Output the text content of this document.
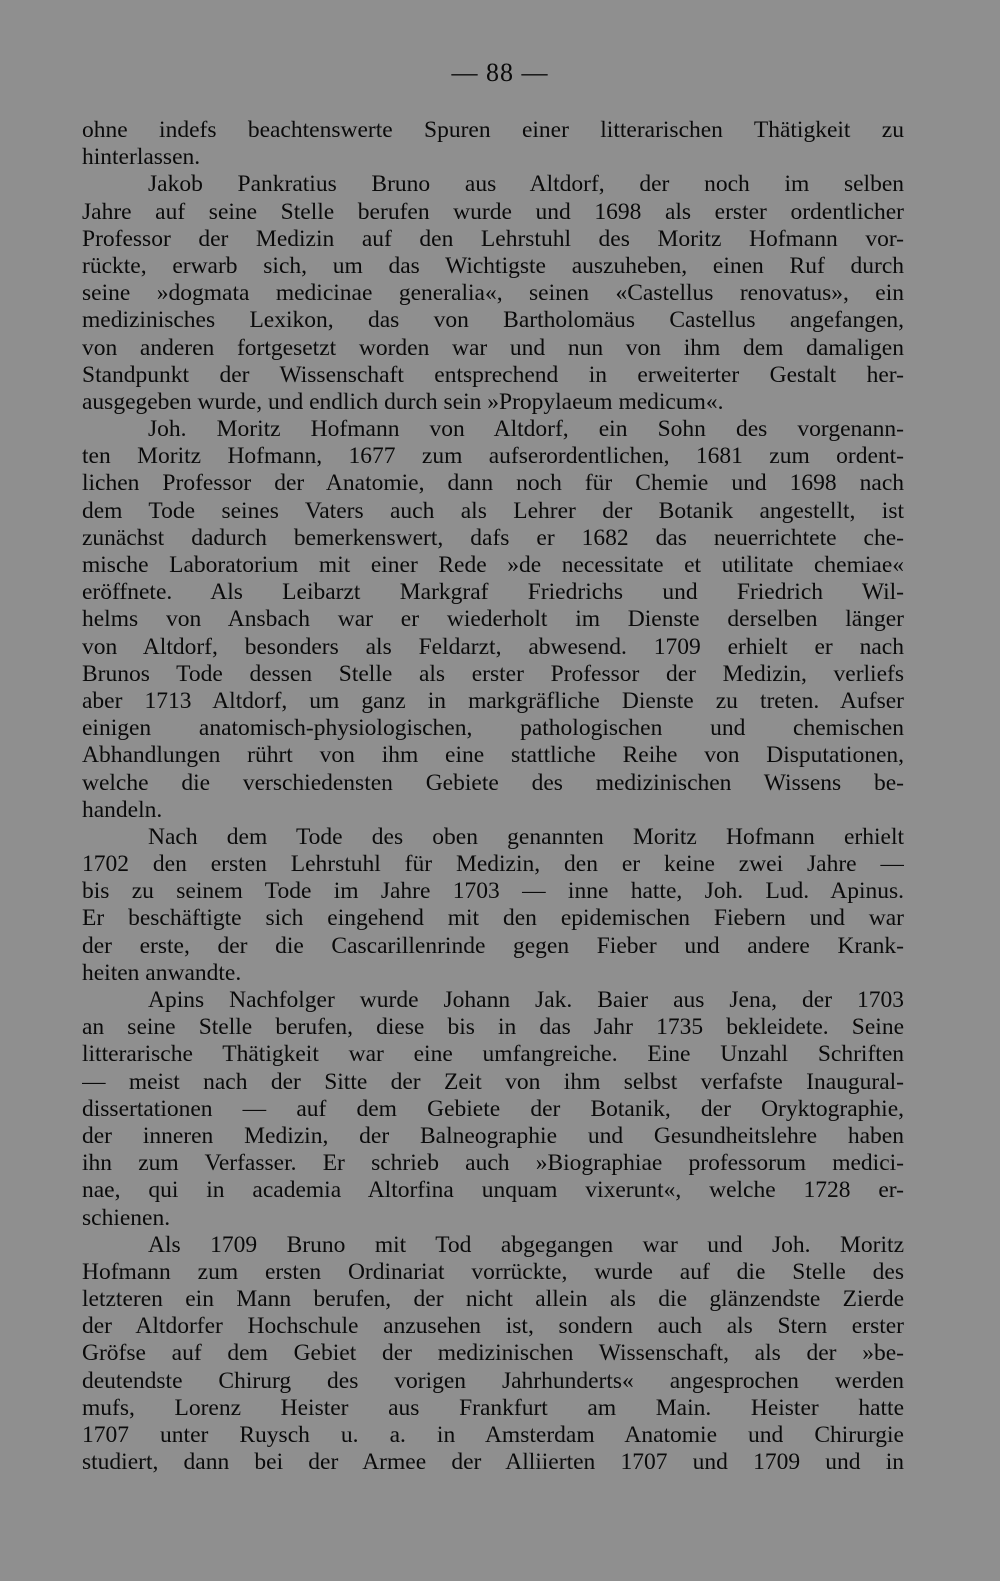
— 88 —
ohne indefs beachtenswerte Spuren einer litterarischen Thätigkeit zu
hinterlassen.
Jakob Pankratius Bruno aus Altdorf, der noch im selben
Jahre auf seine Stelle berufen wurde und 1698 als erster ordentlicher
Professor der Medizin auf den Lehrstuhl des Moritz Hofmann vor-
rückte, erwarb sich, um das Wichtigste auszuheben, einen Ruf durch
seine »dogmata medicinae generalia«, seinen «Castellus renovatus», ein
medizinisches Lexikon, das von Bartholomäus Castellus angefangen,
von anderen fortgesetzt worden war und nun von ihm dem damaligen
Standpunkt der Wissenschaft entsprechend in erweiterter Gestalt her-
ausgegeben wurde, und endlich durch sein »Propylaeum medicum«.
Joh. Moritz Hofmann von Altdorf, ein Sohn des vorgenann-
ten Moritz Hofmann, 1677 zum aufserordentlichen, 1681 zum ordent-
lichen Professor der Anatomie, dann noch für Chemie und 1698 nach
dem Tode seines Vaters auch als Lehrer der Botanik angestellt, ist
zunächst dadurch bemerkenswert, dafs er 1682 das neuerrichtete che-
mische Laboratorium mit einer Rede »de necessitate et utilitate chemiae«
eröffnete. Als Leibarzt Markgraf Friedrichs und Friedrich Wil-
helms von Ansbach war er wiederholt im Dienste derselben länger
von Altdorf, besonders als Feldarzt, abwesend. 1709 erhielt er nach
Brunos Tode dessen Stelle als erster Professor der Medizin, verliefs
aber 1713 Altdorf, um ganz in markgräfliche Dienste zu treten. Aufser
einigen anatomisch-physiologischen, pathologischen und chemischen
Abhandlungen rührt von ihm eine stattliche Reihe von Disputationen,
welche die verschiedensten Gebiete des medizinischen Wissens be-
handeln.
Nach dem Tode des oben genannten Moritz Hofmann erhielt
1702 den ersten Lehrstuhl für Medizin, den er keine zwei Jahre —
bis zu seinem Tode im Jahre 1703 — inne hatte, Joh. Lud. Apinus.
Er beschäftigte sich eingehend mit den epidemischen Fiebern und war
der erste, der die Cascarillenrinde gegen Fieber und andere Krank-
heiten anwandte.
Apins Nachfolger wurde Johann Jak. Baier aus Jena, der 1703
an seine Stelle berufen, diese bis in das Jahr 1735 bekleidete. Seine
litterarische Thätigkeit war eine umfangreiche. Eine Unzahl Schriften
— meist nach der Sitte der Zeit von ihm selbst verfafste Inaugural-
dissertationen — auf dem Gebiete der Botanik, der Oryktographie,
der inneren Medizin, der Balneographie und Gesundheitslehre haben
ihn zum Verfasser. Er schrieb auch »Biographiae professorum medici-
nae, qui in academia Altorfina unquam vixerunt«, welche 1728 er-
schienen.
Als 1709 Bruno mit Tod abgegangen war und Joh. Moritz
Hofmann zum ersten Ordinariat vorrückte, wurde auf die Stelle des
letzteren ein Mann berufen, der nicht allein als die glänzendste Zierde
der Altdorfer Hochschule anzusehen ist, sondern auch als Stern erster
Gröfse auf dem Gebiet der medizinischen Wissenschaft, als der »be-
deutendste Chirurg des vorigen Jahrhunderts« angesprochen werden
mufs, Lorenz Heister aus Frankfurt am Main. Heister hatte
1707 unter Ruysch u. a. in Amsterdam Anatomie und Chirurgie
studiert, dann bei der Armee der Alliierten 1707 und 1709 und in
